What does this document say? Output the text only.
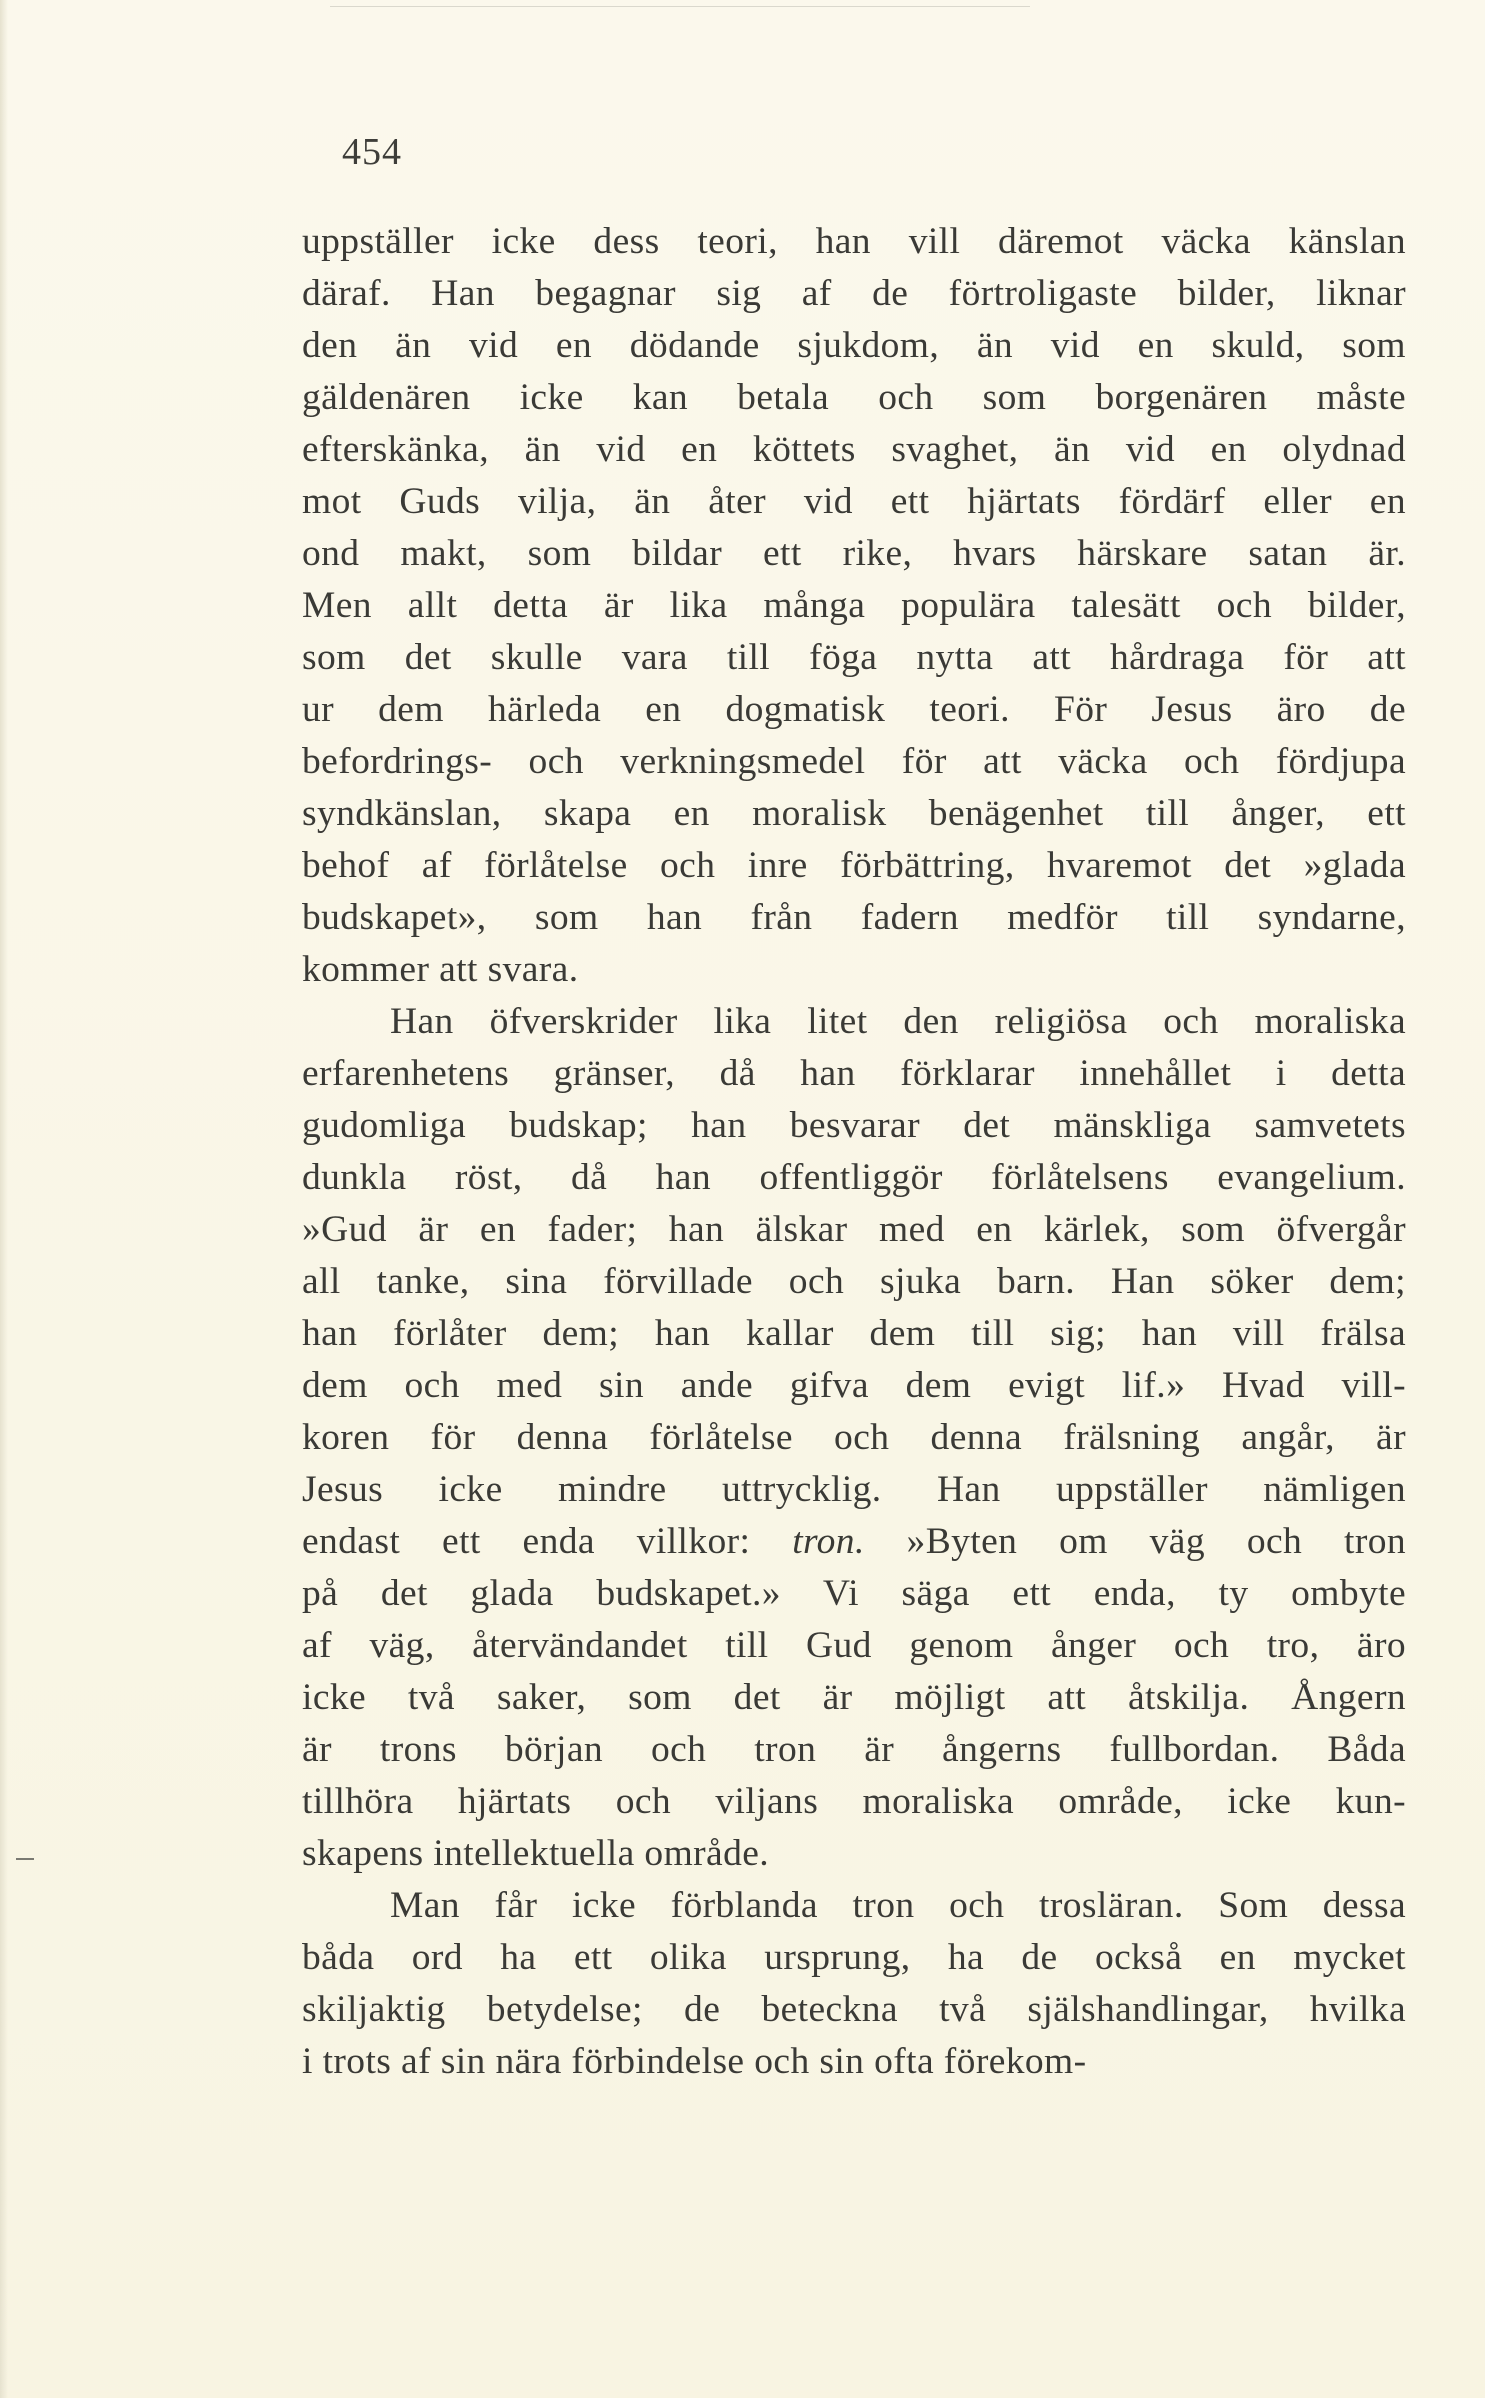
454
uppställer icke dess teori, han vill däremot väcka känslan
däraf. Han begagnar sig af de förtroligaste bilder, liknar
den än vid en dödande sjukdom, än vid en skuld, som
gäldenären icke kan betala och som borgenären måste
efterskänka, än vid en köttets svaghet, än vid en olydnad
mot Guds vilja, än åter vid ett hjärtats fördärf eller en
ond makt, som bildar ett rike, hvars härskare satan är.
Men allt detta är lika många populära talesätt och bilder,
som det skulle vara till föga nytta att hårdraga för att
ur dem härleda en dogmatisk teori. För Jesus äro de
befordrings- och verkningsmedel för att väcka och fördjupa
syndkänslan, skapa en moralisk benägenhet till ånger, ett
behof af förlåtelse och inre förbättring, hvaremot det »glada
budskapet», som han från fadern medför till syndarne,
kommer att svara.
Han öfverskrider lika litet den religiösa och moraliska
erfarenhetens gränser, då han förklarar innehållet i detta
gudomliga budskap; han besvarar det mänskliga samvetets
dunkla röst, då han offentliggör förlåtelsens evangelium.
»Gud är en fader; han älskar med en kärlek, som öfvergår
all tanke, sina förvillade och sjuka barn. Han söker dem;
han förlåter dem; han kallar dem till sig; han vill frälsa
dem och med sin ande gifva dem evigt lif.» Hvad vill-
koren för denna förlåtelse och denna frälsning angår, är
Jesus icke mindre uttrycklig. Han uppställer nämligen
endast ett enda villkor: tron. »Byten om väg och tron
på det glada budskapet.» Vi säga ett enda, ty ombyte
af väg, återvändandet till Gud genom ånger och tro, äro
icke två saker, som det är möjligt att åtskilja. Ångern
är trons början och tron är ångerns fullbordan. Båda
tillhöra hjärtats och viljans moraliska område, icke kun-
skapens intellektuella område.
Man får icke förblanda tron och trosläran. Som dessa
båda ord ha ett olika ursprung, ha de också en mycket
skiljaktig betydelse; de beteckna två själshandlingar, hvilka
i trots af sin nära förbindelse och sin ofta förekom-
